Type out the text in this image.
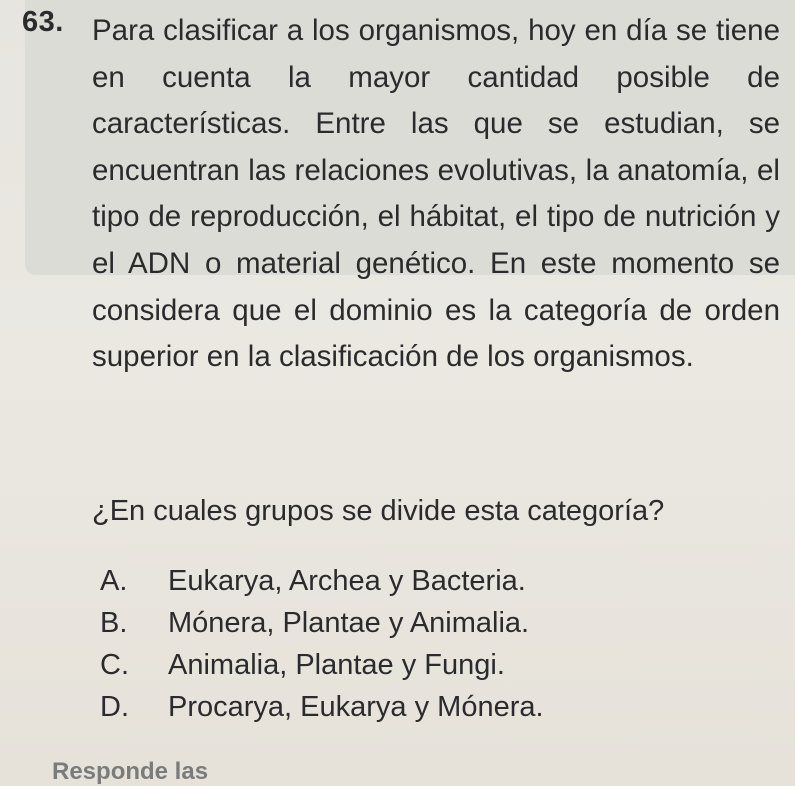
63. Para clasificar a los organismos, hoy en día se tiene en cuenta la mayor cantidad posible de características. Entre las que se estudian, se encuentran las relaciones evolutivas, la anatomía, el tipo de reproducción, el hábitat, el tipo de nutrición y el ADN o material genético. En este momento se considera que el dominio es la categoría de orden superior en la clasificación de los organismos.

¿En cuales grupos se divide esta categoría?

A. Eukarya, Archea y Bacteria.
B. Mónera, Plantae y Animalia.
C. Animalia, Plantae y Fungi.
D. Procarya, Eukarya y Mónera.
Responde las
